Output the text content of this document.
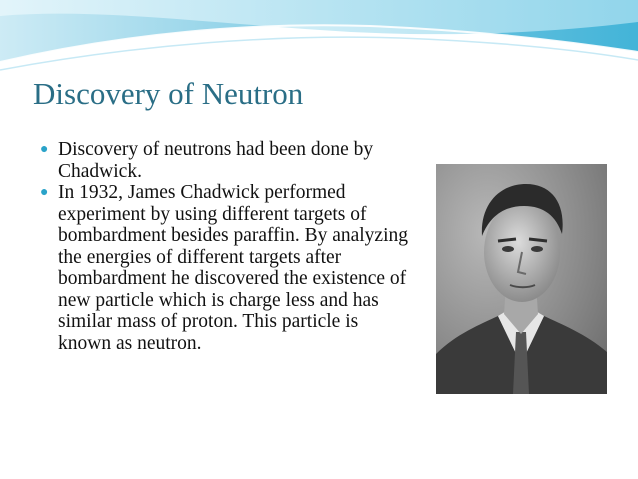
Discovery of Neutron
● Discovery of neutrons had been done by Chadwick.
● In 1932, James Chadwick performed experiment by using different targets of bombardment besides paraffin. By analyzing the energies of different targets after bombardment he discovered the existence of new particle which is charge less and has similar mass of proton. This particle is known as neutron.
